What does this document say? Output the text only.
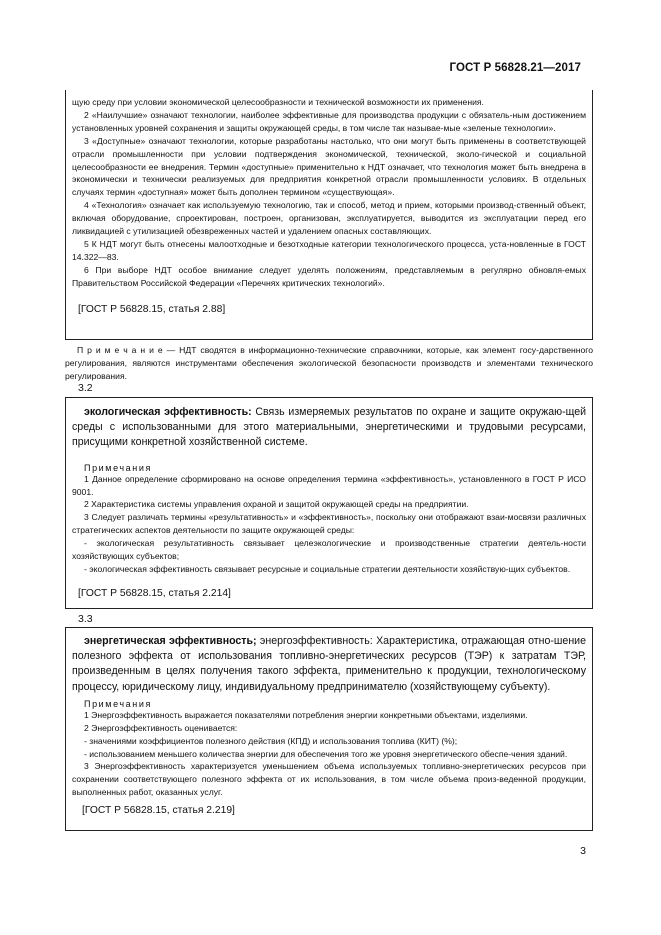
ГОСТ Р 56828.21—2017

щую среду при условии экономической целесообразности и технической возможности их применения.

2 «Наилучшие» означают технологии, наиболее эффективные для производства продукции с обязатель-ным достижением установленных уровней сохранения и защиты окружающей среды, в том числе так называе-мые «зеленые технологии».

3 «Доступные» означают технологии, которые разработаны настолько, что они могут быть применены в соответствующей отрасли промышленности при условии подтверждения экономической, технической, эколо-гической и социальной целесообразности ее внедрения. Термин «доступные» применительно к НДТ означает, что технология может быть внедрена в экономически и технически реализуемых для предприятия конкретной отрасли промышленности условиях. В отдельных случаях термин «доступная» может быть дополнен термином «существующая».

4 «Технология» означает как используемую технологию, так и способ, метод и прием, которыми производ-ственный объект, включая оборудование, спроектирован, построен, организован, эксплуатируется, выводится из эксплуатации перед его ликвидацией с утилизацией обезвреженных частей и удалением опасных составляющих.

5 К НДТ могут быть отнесены малоотходные и безотходные категории технологического процесса, уста-новленные в ГОСТ 14.322—83.

6 При выборе НДТ особое внимание следует уделять положениям, представляемым в регулярно обновля-емых Правительством Российской Федерации «Перечнях критических технологий».

[ГОСТ Р 56828.15, статья 2.88]

П р и м е ч а н и е — НДТ сводятся в информационно-технические справочники, которые, как элемент госу-дарственного регулирования, являются инструментами обеспечения экологической безопасности производств и элементами технического регулирования.

3.2

экологическая эффективность: Связь измеряемых результатов по охране и защите окружаю-щей среды с использованными для этого материальными, энергетическими и трудовыми ресурсами, присущими конкретной хозяйственной системе.

Примечания

1 Данное определение сформировано на основе определения термина «эффективность», установленного в ГОСТ Р ИСО 9001.

2 Характеристика системы управления охраной и защитой окружающей среды на предприятии.

3 Следует различать термины «результативность» и «эффективность», поскольку они отображают взаи-мосвязи различных стратегических аспектов деятельности по защите окружающей среды:

- экологическая результативность связывает целеэкологические и производственные стратегии деятель-ности хозяйствующих субъектов;

- экологическая эффективность связывает ресурсные и социальные стратегии деятельности хозяйствую-щих субъектов.

[ГОСТ Р 56828.15, статья 2.214]

3.3

энергетическая эффективность; энергоэффективность: Характеристика, отражающая отно-шение полезного эффекта от использования топливно-энергетических ресурсов (ТЭР) к затратам ТЭР, произведенным в целях получения такого эффекта, применительно к продукции, технологическому процессу, юридическому лицу, индивидуальному предпринимателю (хозяйствующему субъекту).

Примечания

1 Энергоэффективность выражается показателями потребления энергии конкретными объектами, изделиями.

2 Энергоэффективность оценивается:

- значениями коэффициентов полезного действия (КПД) и использования топлива (КИТ) (%);

- использованием меньшего количества энергии для обеспечения того же уровня энергетического обеспе-чения зданий.

3 Энергоэффективность характеризуется уменьшением объема используемых топливно-энергетических ресурсов при сохранении соответствующего полезного эффекта от их использования, в том числе объема произ-веденной продукции, выполненных работ, оказанных услуг.

[ГОСТ Р 56828.15, статья 2.219]

3
